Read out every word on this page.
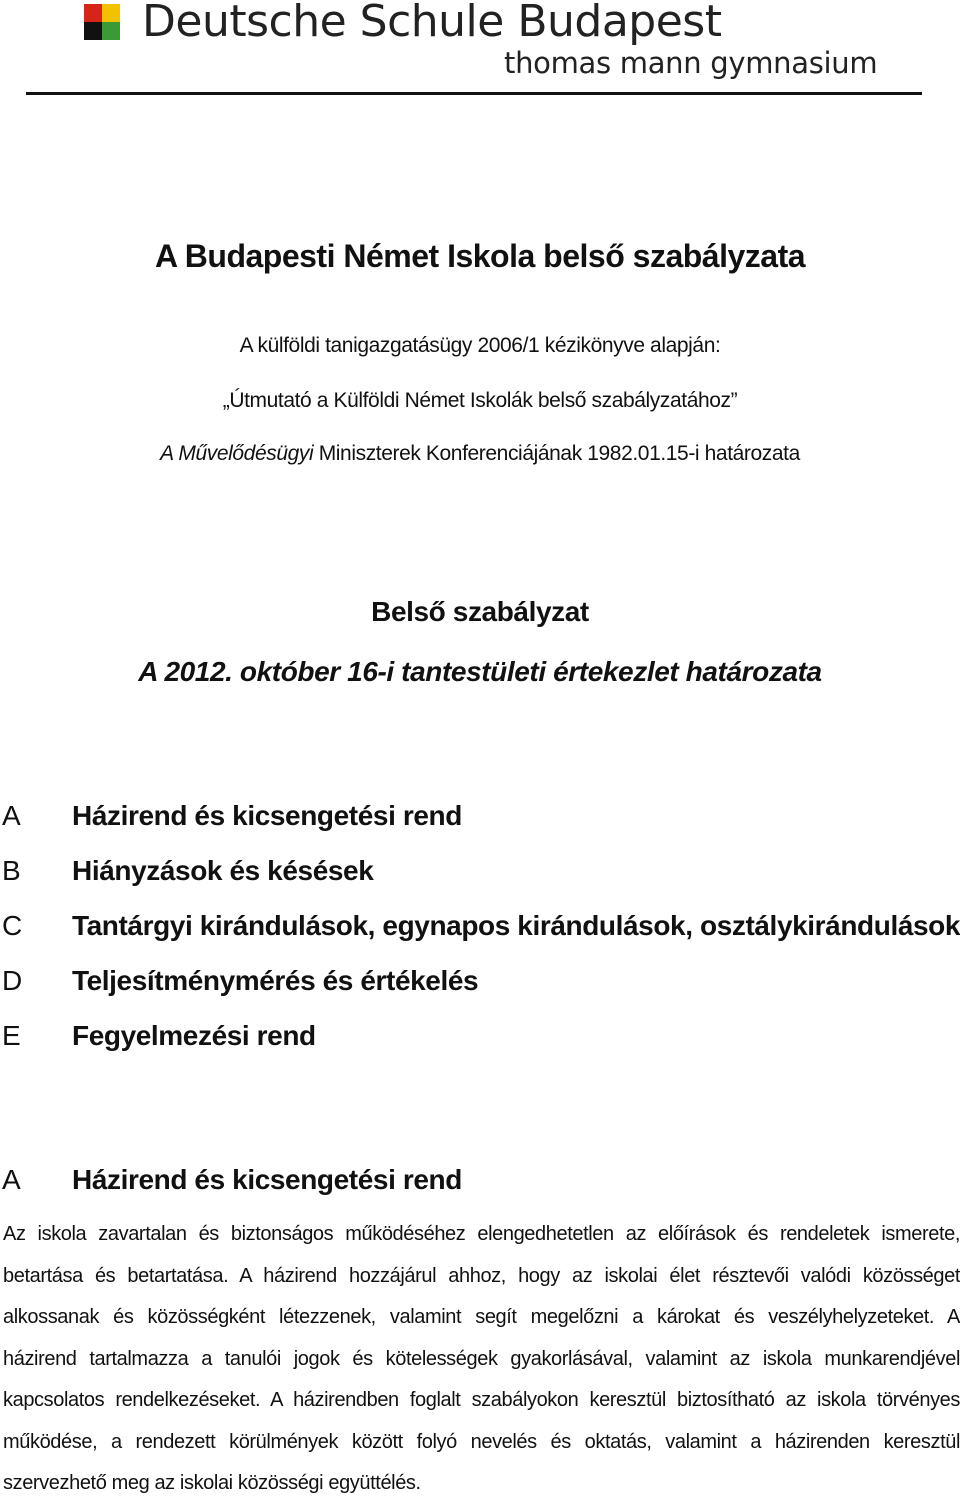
Deutsche Schule Budapest
thomas mann gymnasium
A Budapesti Német Iskola belső szabályzata
A külföldi tanigazgatásügy 2006/1 kézikönyve alapján:
„Útmutató a Külföldi Német Iskolák belső szabályzatához”
A Művelődésügyi Miniszterek Konferenciájának 1982.01.15-i határozata
Belső szabályzat
A 2012. október 16-i tantestületi értekezlet határozata
A Házirend és kicsengetési rend
B Hiányzások és késések
C Tantárgyi kirándulások, egynapos kirándulások, osztálykirándulások
D Teljesítménymérés és értékelés
E Fegyelmezési rend
A Házirend és kicsengetési rend
Az iskola zavartalan és biztonságos működéséhez elengedhetetlen az előírások és rendeletek ismerete,
betartása és betartatása. A házirend hozzájárul ahhoz, hogy az iskolai élet résztevői valódi közösséget
alkossanak és közösségként létezzenek, valamint segít megelőzni a károkat és veszélyhelyzeteket. A
házirend tartalmazza a tanulói jogok és kötelességek gyakorlásával, valamint az iskola munkarendjével
kapcsolatos rendelkezéseket. A házirendben foglalt szabályokon keresztül biztosítható az iskola törvényes
működése, a rendezett körülmények között folyó nevelés és oktatás, valamint a házirenden keresztül
szervezhető meg az iskolai közösségi együttélés.
